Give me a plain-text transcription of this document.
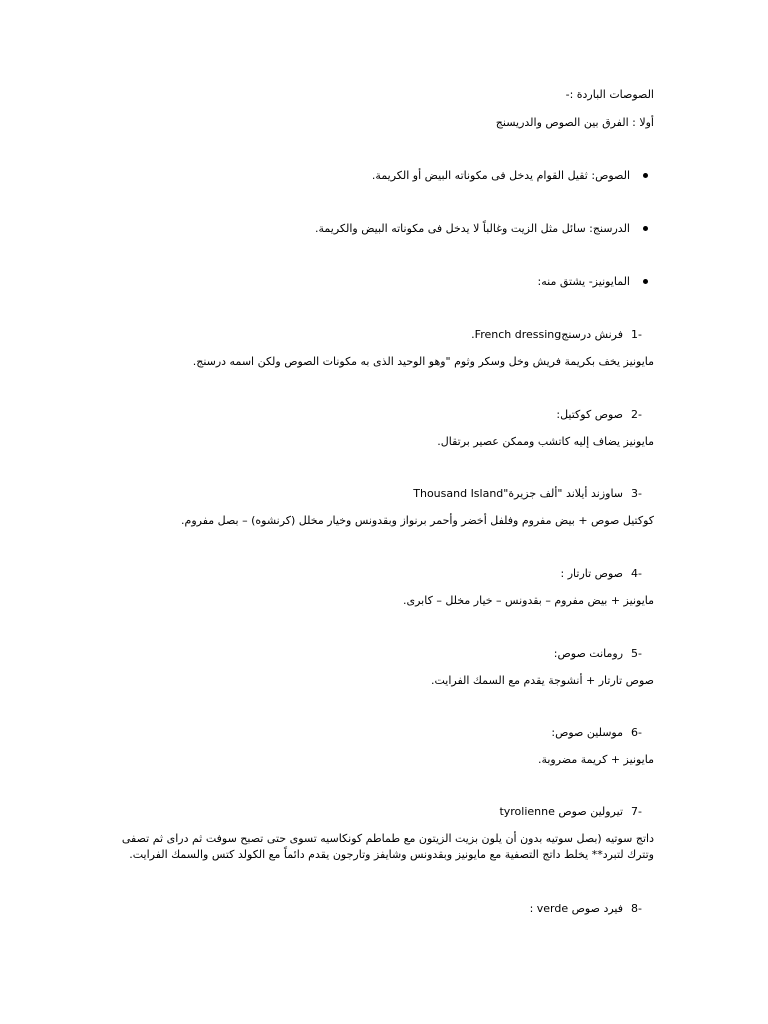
الصوصات الباردة :-
أولا : الفرق بين الصوص والدريسنج
الصوص: ثقيل القوام يدخل فى مكوناته البيض أو الكريمة.
الدرسنج: سائل مثل الزيت وغالباً لا يدخل فى مكوناته البيض والكريمة.
المايونيز- يشتق منه:
-1فرنش درسنجFrench dressing.
مايونيز يخف بكريمة فريش وخل وسكر وثوم "وهو الوحيد الذى به مكونات الصوص ولكن اسمه درسنج.
-2صوص كوكتيل:
مايونيز يضاف إليه كاتشب وممكن عصير برتقال.
-3ساوزند أيلاند "ألف جزيرة"Thousand Island
كوكتيل صوص + بيض مفروم وفلفل أخضر وأحمر برنواز وبقدونس وخيار مخلل (كرنشوه) – بصل مفروم.
-4صوص تارتار :
مايونيز + بيض مفروم – بقدونس – خيار مخلل – كابرى.
-5رومانت صوص:
صوص تارتار + أنشوجة يقدم مع السمك الفرايت.
-6موسلين صوص:
مايونيز + كريمة مضروبة.
-7تيرولين صوص tyrolienne
داتج سوتيه (بصل سوتيه بدون أن يلون بزيت الزيتون مع طماطم كونكاسيه تسوى حتى تصبح سوفت ثم دراى ثم تصفى وتترك لتبرد** يخلط داتج التصفية مع مايونيز وبقدونس وشايفز وتارجون يقدم دائماً مع الكولد كتس والسمك الفرايت.
-8فيرد صوص verde :
